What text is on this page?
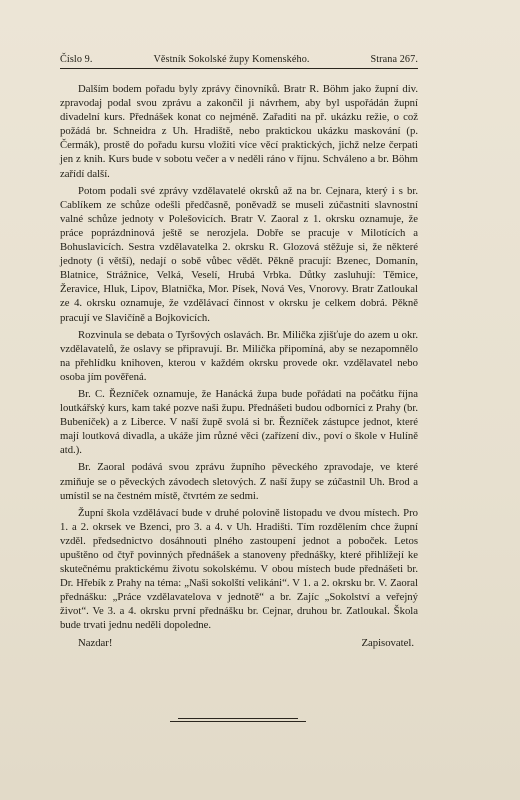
Číslo 9.	Věstník Sokolské župy Komenského.	Strana 267.

Dalším bodem pořadu byly zprávy činovníků. Bratr R. Böhm jako župní div. zpravodaj podal svou zprávu a zakončil ji návrhem, aby byl uspořádán župní divadelní kurs. Přednášek konat co nejméně. Zařaditi na př. ukázku režie, o což požádá br. Schneidra z Uh. Hradiště, nebo praktickou ukázku maskování (p. Čermák), prostě do pořadu kursu vložiti více věcí praktických, jichž nelze čerpati jen z knih. Kurs bude v sobotu večer a v neděli ráno v říjnu. Schváleno a br. Böhm zařídí další.

Potom podali své zprávy vzdělavatelé okrsků až na br. Cejnara, který i s br. Cablíkem ze schůze odešli předčasně, poněvadž se museli zúčastniti slavnostní valné schůze jednoty v Polešovicích. Bratr V. Zaoral z 1. okrsku oznamuje, že práce poprázdninová ještě se nerozjela. Dobře se pracuje v Milotících a Bohuslavicích. Sestra vzdělavatelka 2. okrsku R. Glozová stěžuje si, že některé jednoty (i větší), nedají o sobě vůbec vědět. Pěkně pracují: Bzenec, Domanín, Blatnice, Strážnice, Velká, Veselí, Hrubá Vrbka. Důtky zasluhují: Těmice, Žeravice, Hluk, Lipov, Blatnička, Mor. Písek, Nová Ves, Vnorovy. Bratr Zatloukal ze 4. okrsku oznamuje, že vzdělávací činnost v okrsku je celkem dobrá. Pěkně pracují ve Slavičíně a Bojkovicích.

Rozvinula se debata o Tyršových oslavách. Br. Milička zjišťuje do azem u okr. vzdělavatelů, že oslavy se připravují. Br. Milička připomíná, aby se nezapomnělo na přehlídku knihoven, kterou v každém okrsku provede okr. vzdělavatel nebo osoba jím pověřená.

Br. C. Řezníček oznamuje, že Hanácká župa bude pořádati na počátku října loutkářský kurs, kam také pozve naši župu. Přednášeti budou odborníci z Prahy (br. Bubeníček) a z Liberce. V naší župě svolá si br. Řezníček zástupce jednot, které mají loutková divadla, a ukáže jim různé věci (zařízení div., poví o škole v Hulíně atd.).

Br. Zaoral podává svou zprávu župního pěveckého zpravodaje, ve které zmiňuje se o pěveckých závodech sletových. Z naší župy se zúčastnil Uh. Brod a umístil se na čestném místě, čtvrtém ze sedmi.

Župní škola vzdělávací bude v druhé polovině listopadu ve dvou místech. Pro 1. a 2. okrsek ve Bzenci, pro 3. a 4. v Uh. Hradišti. Tím rozdělením chce župní vzděl. předsednictvo dosáhnouti plného zastoupení jednot a poboček. Letos upuštěno od čtyř povinných přednášek a stanoveny přednášky, které přihlížejí ke skutečnému praktickému životu sokolskému. V obou místech bude přednášeti br. Dr. Hřebík z Prahy na téma: „Naši sokolští velikáni“. V 1. a 2. okrsku br. V. Zaoral přednášku: „Práce vzdělavatelova v jednotě“ a br. Zajíc „Sokolství a veřejný život“. Ve 3. a 4. okrsku první přednášku br. Cejnar, druhou br. Zatloukal. Škola bude trvati jednu neděli dopoledne.

Nazdar!	Zapisovatel.
